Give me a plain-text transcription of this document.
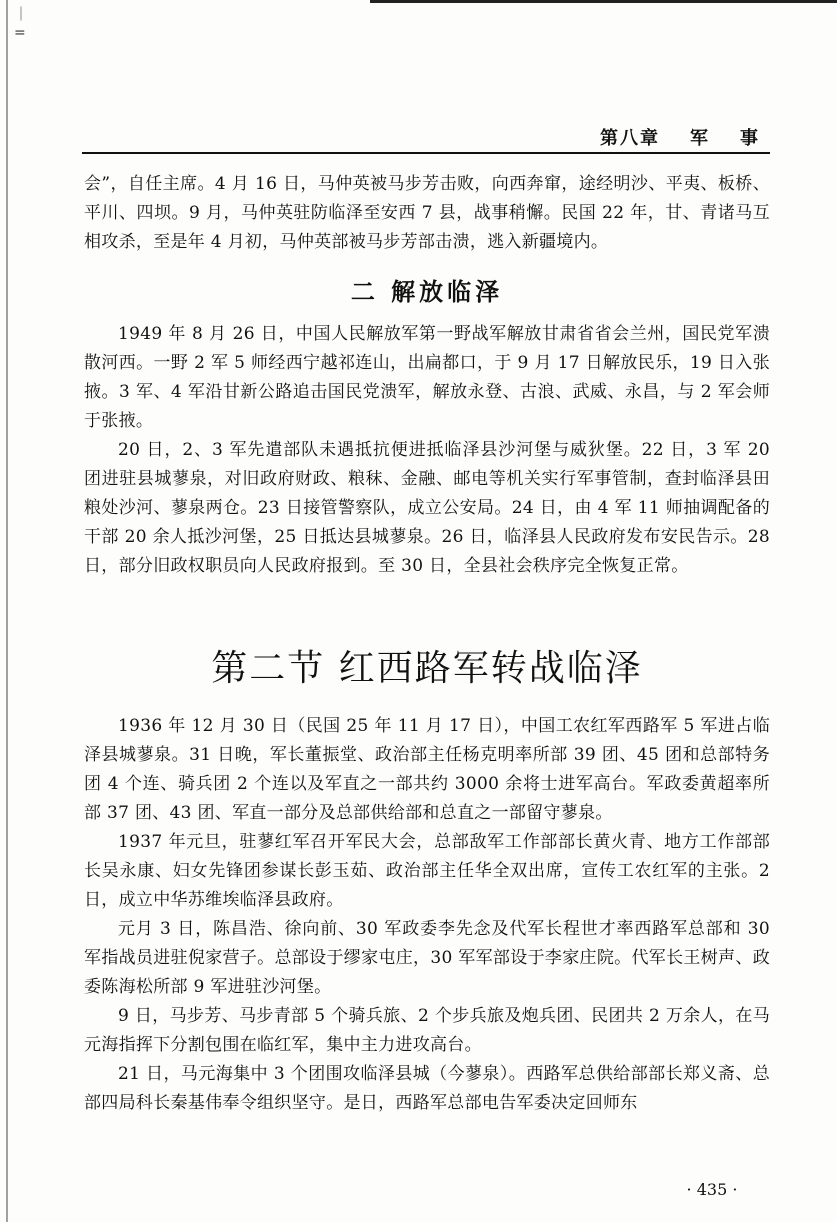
｜
=
第八章 军 事

会”，自任主席。4 月 16 日，马仲英被马步芳击败，向西奔窜，途经明沙、平夷、板桥、平川、四坝。9 月，马仲英驻防临泽至安西 7 县，战事稍懈。民国 22 年，甘、青诸马互相攻杀，至是年 4 月初，马仲英部被马步芳部击溃，逃入新疆境内。

二 解放临泽

1949 年 8 月 26 日，中国人民解放军第一野战军解放甘肃省省会兰州，国民党军溃散河西。一野 2 军 5 师经西宁越祁连山，出扁都口，于 9 月 17 日解放民乐，19 日入张掖。3 军、4 军沿甘新公路追击国民党溃军，解放永登、古浪、武威、永昌，与 2 军会师于张掖。

20 日，2、3 军先遣部队未遇抵抗便进抵临泽县沙河堡与威狄堡。22 日，3 军 20 团进驻县城蓼泉，对旧政府财政、粮秣、金融、邮电等机关实行军事管制，查封临泽县田粮处沙河、蓼泉两仓。23 日接管警察队，成立公安局。24 日，由 4 军 11 师抽调配备的干部 20 余人抵沙河堡，25 日抵达县城蓼泉。26 日，临泽县人民政府发布安民告示。28 日，部分旧政权职员向人民政府报到。至 30 日，全县社会秩序完全恢复正常。

第二节 红西路军转战临泽

1936 年 12 月 30 日（民国 25 年 11 月 17 日），中国工农红军西路军 5 军进占临泽县城蓼泉。31 日晚，军长董振堂、政治部主任杨克明率所部 39 团、45 团和总部特务团 4 个连、骑兵团 2 个连以及军直之一部共约 3000 余将士进军高台。军政委黄超率所部 37 团、43 团、军直一部分及总部供给部和总直之一部留守蓼泉。

1937 年元旦，驻蓼红军召开军民大会，总部敌军工作部部长黄火青、地方工作部部长吴永康、妇女先锋团参谋长彭玉茹、政治部主任华全双出席，宣传工农红军的主张。2 日，成立中华苏维埃临泽县政府。

元月 3 日，陈昌浩、徐向前、30 军政委李先念及代军长程世才率西路军总部和 30 军指战员进驻倪家营子。总部设于缪家屯庄，30 军军部设于李家庄院。代军长王树声、政委陈海松所部 9 军进驻沙河堡。

9 日，马步芳、马步青部 5 个骑兵旅、2 个步兵旅及炮兵团、民团共 2 万余人，在马元海指挥下分割包围在临红军，集中主力进攻高台。

21 日，马元海集中 3 个团围攻临泽县城（今蓼泉）。西路军总供给部部长郑义斋、总部四局科长秦基伟奉令组织坚守。是日，西路军总部电告军委决定回师东

· 435 ·
